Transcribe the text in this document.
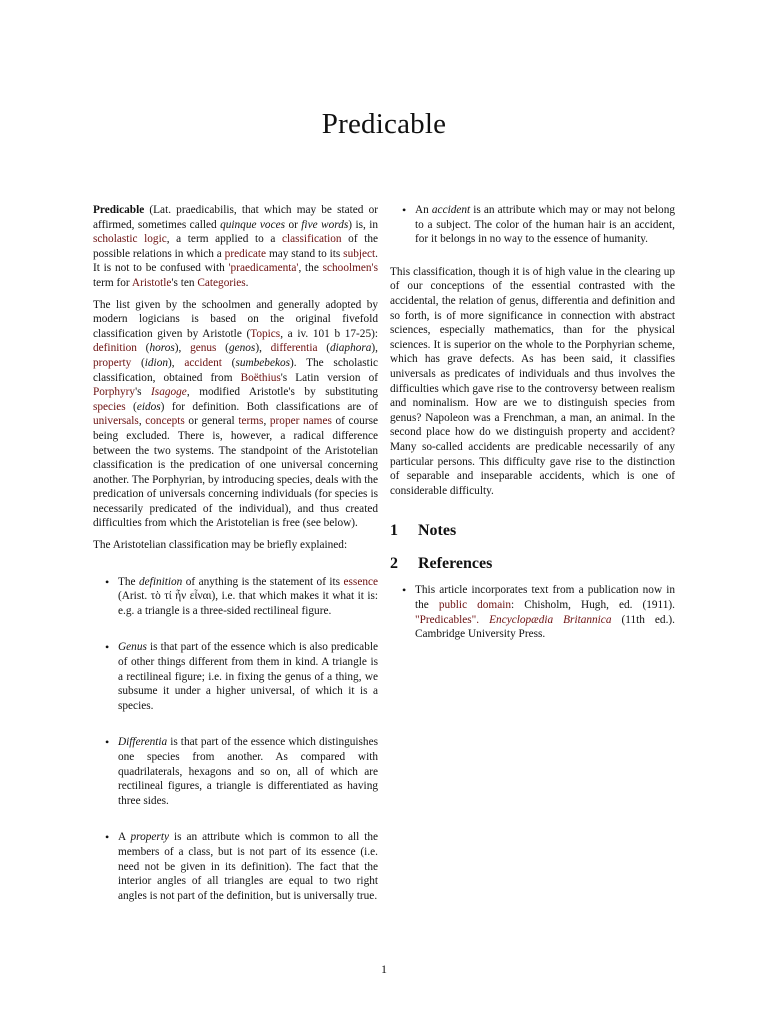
Predicable

Predicable (Lat. praedicabilis, that which may be stated or affirmed, sometimes called quinque voces or five words) is, in scholastic logic, a term applied to a classification of the possible relations in which a predicate may stand to its subject. It is not to be confused with 'praedicamenta', the schoolmen's term for Aristotle's ten Categories.

The list given by the schoolmen and generally adopted by modern logicians is based on the original fivefold classification given by Aristotle (Topics, a iv. 101 b 17-25): definition (horos), genus (genos), differentia (diaphora), property (idion), accident (sumbebekos). The scholastic classification, obtained from Boëthius's Latin version of Porphyry's Isagoge, modified Aristotle's by substituting species (eidos) for definition. Both classifications are of universals, concepts or general terms, proper names of course being excluded. There is, however, a radical difference between the two systems. The standpoint of the Aristotelian classification is the predication of one universal concerning another. The Porphyrian, by introducing species, deals with the predication of universals concerning individuals (for species is necessarily predicated of the individual), and thus created difficulties from which the Aristotelian is free (see below).

The Aristotelian classification may be briefly explained:

• The definition of anything is the statement of its essence (Arist. τὸ τί ἦν εἶναι), i.e. that which makes it what it is: e.g. a triangle is a three-sided rectilineal figure.
• Genus is that part of the essence which is also predicable of other things different from them in kind. A triangle is a rectilineal figure; i.e. in fixing the genus of a thing, we subsume it under a higher universal, of which it is a species.
• Differentia is that part of the essence which distinguishes one species from another. As compared with quadrilaterals, hexagons and so on, all of which are rectilineal figures, a triangle is differentiated as having three sides.
• A property is an attribute which is common to all the members of a class, but is not part of its essence (i.e. need not be given in its definition). The fact that the interior angles of all triangles are equal to two right angles is not part of the definition, but is universally true.
• An accident is an attribute which may or may not belong to a subject. The color of the human hair is an accident, for it belongs in no way to the essence of humanity.

This classification, though it is of high value in the clearing up of our conceptions of the essential contrasted with the accidental, the relation of genus, differentia and definition and so forth, is of more significance in connection with abstract sciences, especially mathematics, than for the physical sciences. It is superior on the whole to the Porphyrian scheme, which has grave defects. As has been said, it classifies universals as predicates of individuals and thus involves the difficulties which gave rise to the controversy between realism and nominalism. How are we to distinguish species from genus? Napoleon was a Frenchman, a man, an animal. In the second place how do we distinguish property and accident? Many so-called accidents are predicable necessarily of any particular persons. This difficulty gave rise to the distinction of separable and inseparable accidents, which is one of considerable difficulty.

1 Notes
2 References
• This article incorporates text from a publication now in the public domain: Chisholm, Hugh, ed. (1911). "Predicables". Encyclopædia Britannica (11th ed.). Cambridge University Press.
1
